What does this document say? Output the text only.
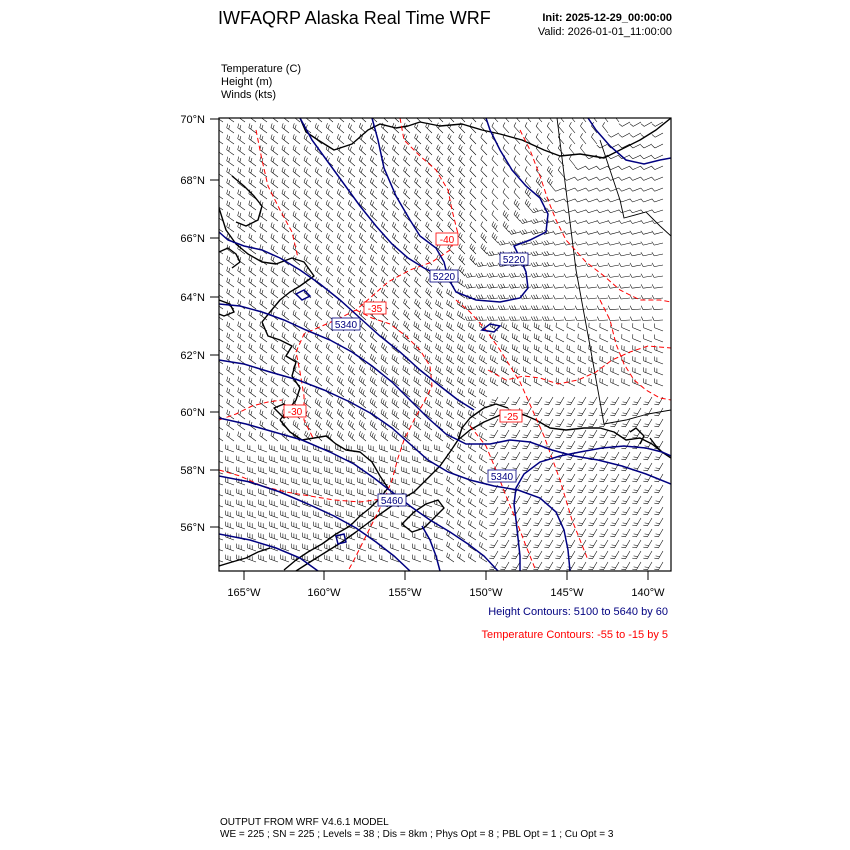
IWFAQRP Alaska Real Time WRF	Init: 2025-12-29_00:00:00
Valid: 2026-01-01_11:00:00
Temperature (C)
Height (m)
Winds (kts)
70°N
68°N
66°N
64°N
62°N
60°N
58°N
56°N
165°W	160°W	155°W	150°W	145°W	140°W
5220
5220
5340
5340
5460
-40
-35
-30	-25
Height Contours: 5100 to 5640 by 60
Temperature Contours: -55 to -15 by 5
OUTPUT FROM WRF V4.6.1 MODEL
WE = 225 ; SN = 225 ; Levels = 38 ; Dis = 8km ; Phys Opt = 8 ; PBL Opt = 1 ; Cu Opt = 3
